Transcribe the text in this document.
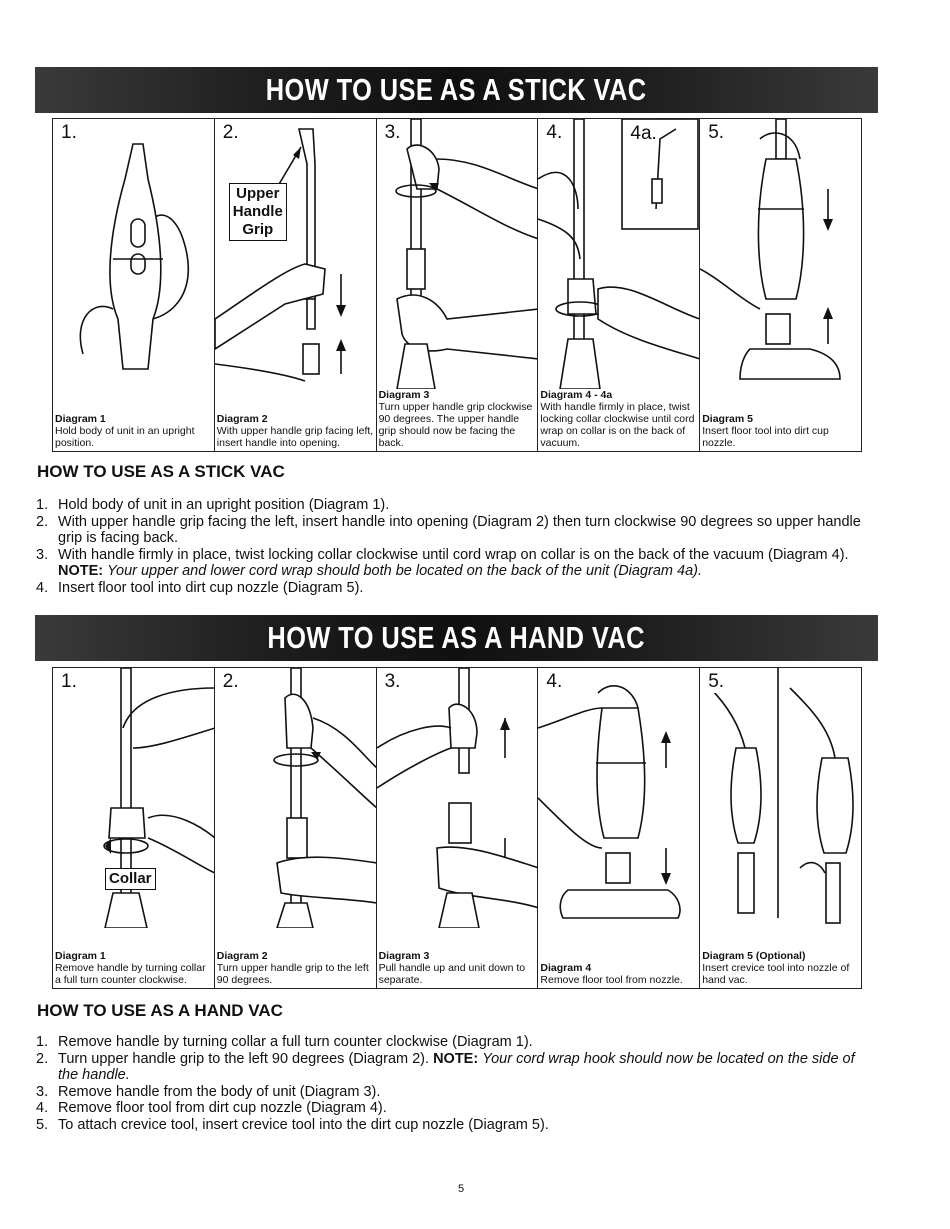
HOW TO USE AS A STICK VAC
1.
Diagram 1
Hold body of unit in an upright position.
2.
Upper Handle Grip
Diagram 2
With upper handle grip facing left, insert handle into opening.
3.
Diagram 3
Turn upper handle grip clockwise 90 degrees. The upper handle grip should now be facing the back.
4.	4a.
Diagram 4 - 4a
With handle firmly in place, twist locking collar clockwise until cord wrap on collar is on the back of vacuum.
5.
Diagram 5
Insert floor tool into dirt cup nozzle.
HOW TO USE AS A STICK VAC
1. Hold body of unit in an upright position (Diagram 1).
2. With upper handle grip facing the left, insert handle into opening (Diagram 2) then turn clockwise 90 degrees so upper handle grip is facing back.
3. With handle firmly in place, twist locking collar clockwise until cord wrap on collar is on the back of the vacuum (Diagram 4). NOTE: Your upper and lower cord wrap should both be located on the back of the unit (Diagram 4a).
4. Insert floor tool into dirt cup nozzle (Diagram 5).
HOW TO USE AS A HAND VAC
1.
Collar
Diagram 1
Remove handle by turning collar a full turn counter clockwise.
2.
Diagram 2
Turn upper handle grip to the left 90 degrees.
3.
Diagram 3
Pull handle up and unit down to separate.
4.
Diagram 4
Remove floor tool from nozzle.
5.
Diagram 5 (Optional)
Insert crevice tool into nozzle of hand vac.
HOW TO USE AS A HAND VAC
1. Remove handle by turning collar a full turn counter clockwise (Diagram 1).
2. Turn upper handle grip to the left 90 degrees (Diagram 2). NOTE: Your cord wrap hook should now be located on the side of the handle.
3. Remove handle from the body of unit (Diagram 3).
4. Remove floor tool from dirt cup nozzle (Diagram 4).
5. To attach crevice tool, insert crevice tool into the dirt cup nozzle (Diagram 5).
5
